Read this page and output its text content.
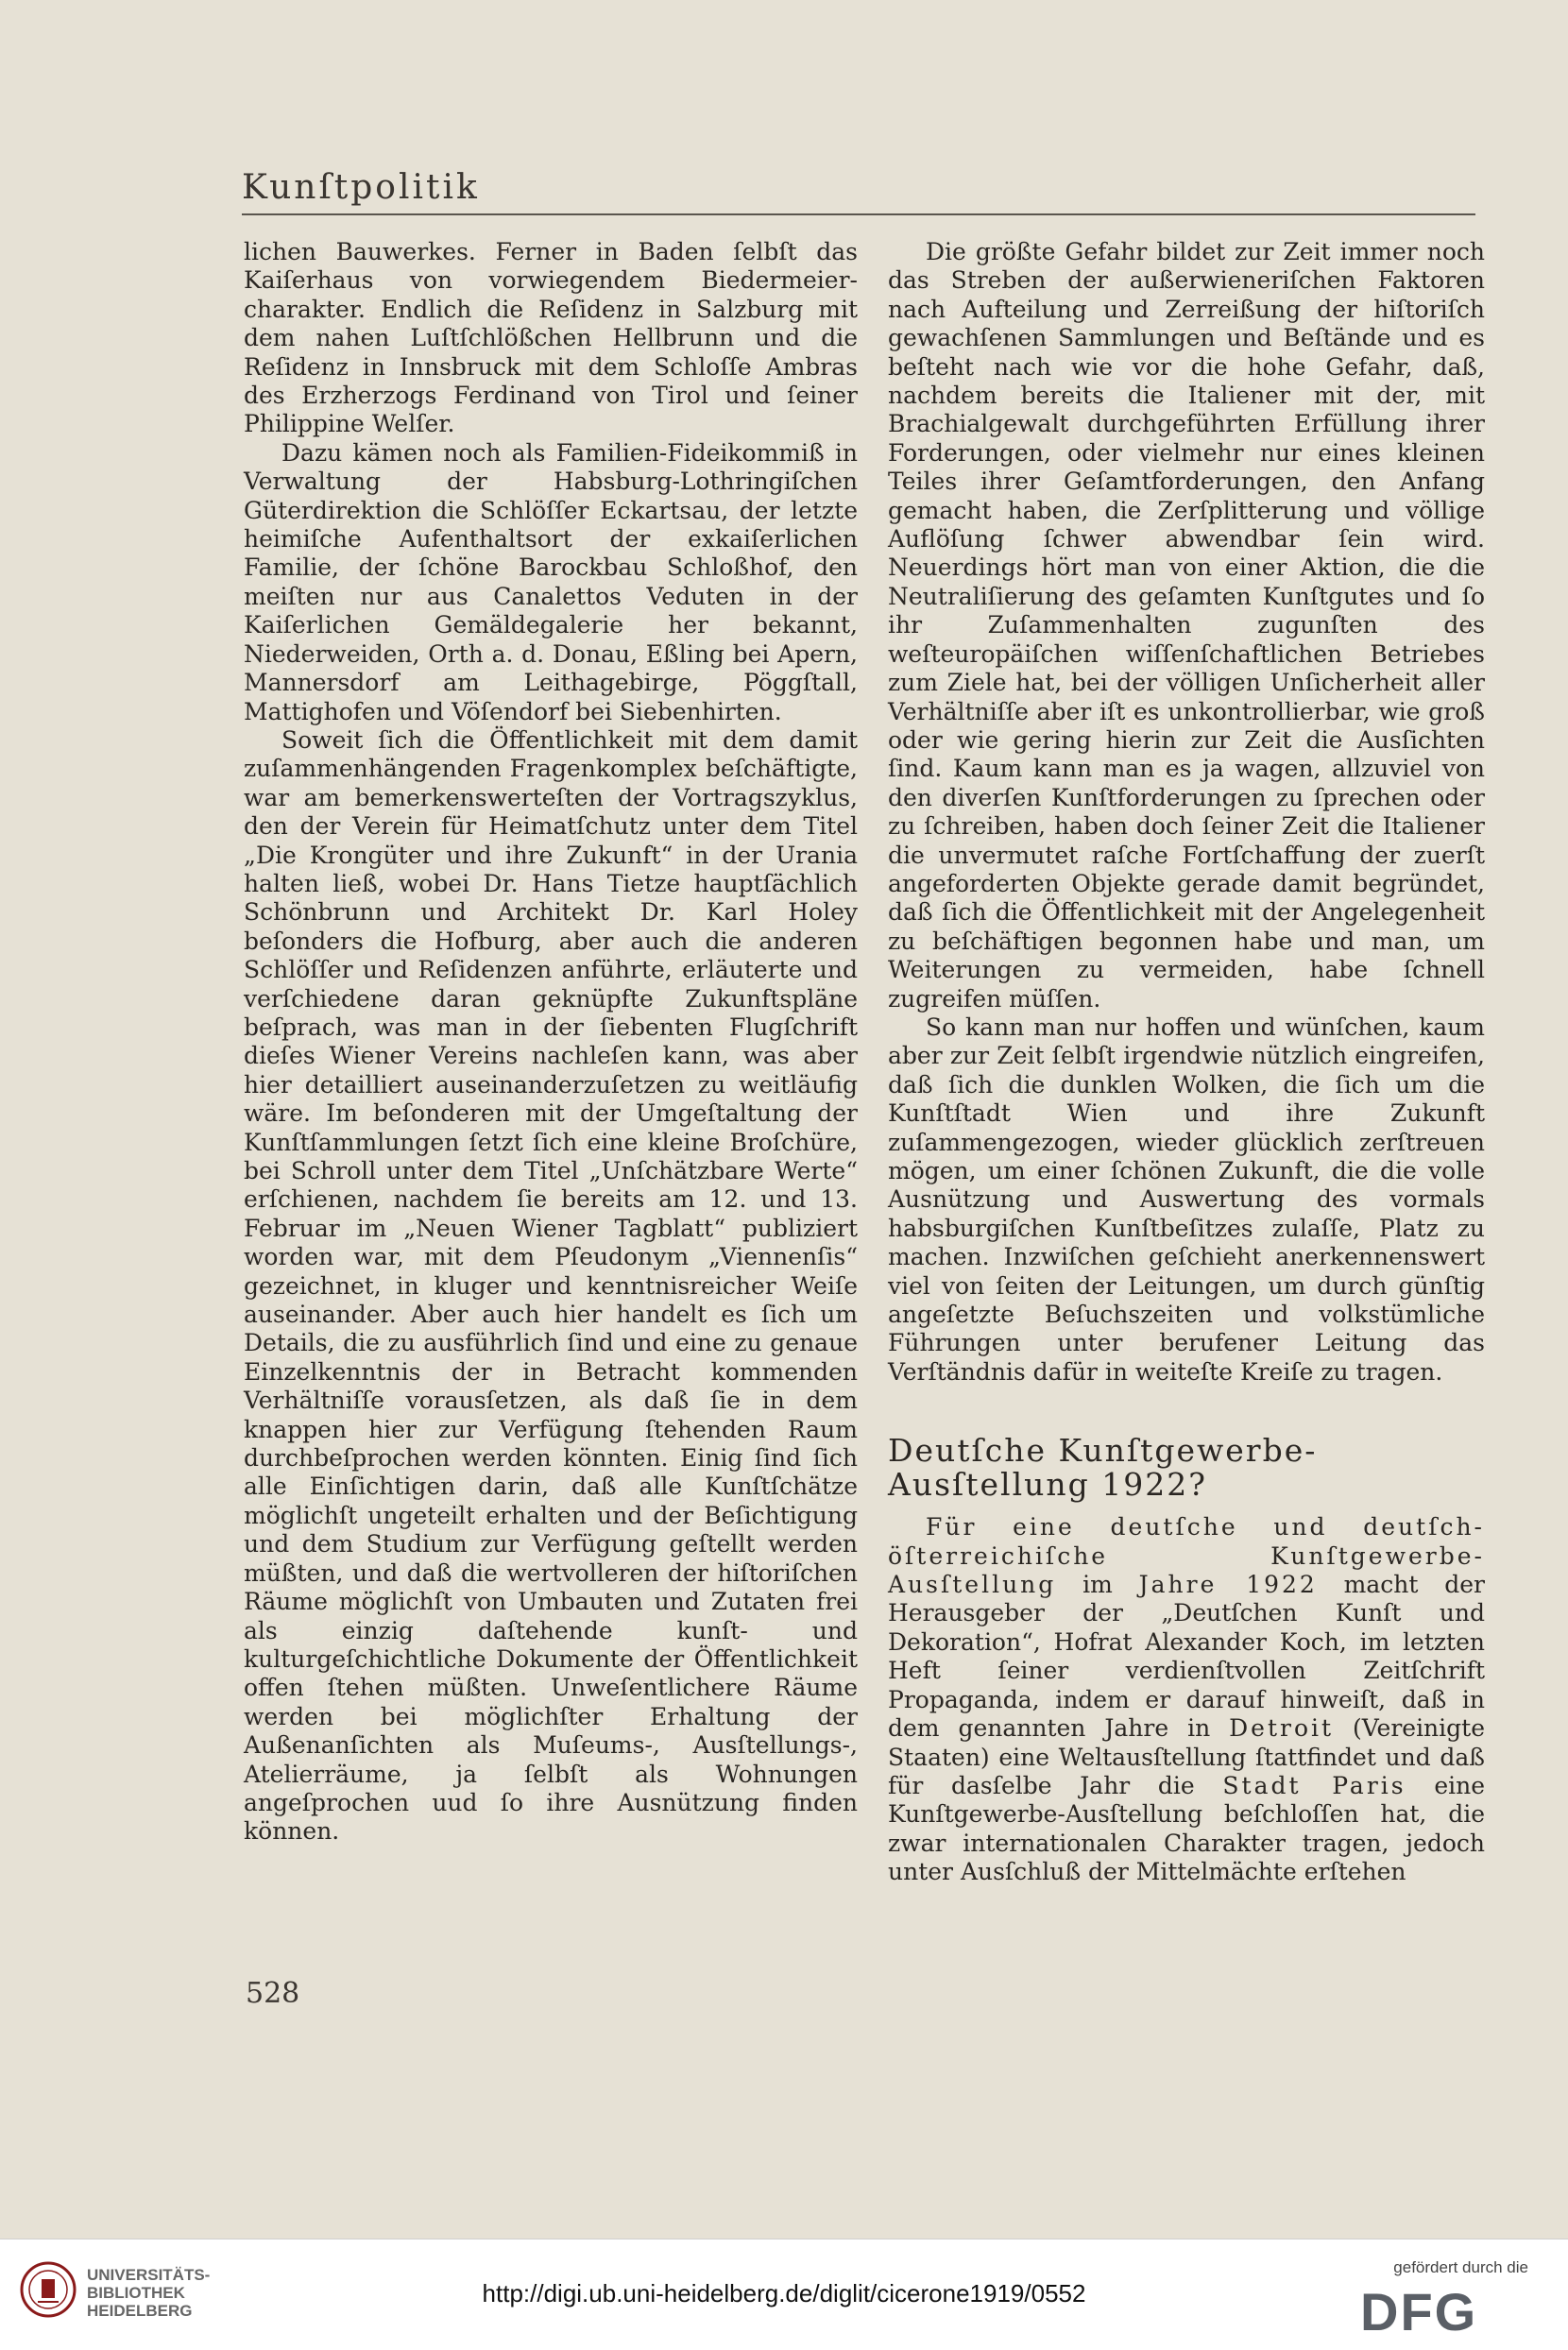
Kunſtpolitik

lichen Bauwerkes. Ferner in Baden ſelbſt das Kaiſerhaus von vorwiegendem Biedermeier-charakter. Endlich die Reſidenz in Salzburg mit dem nahen Luſtſchlößchen Hellbrunn und die Reſidenz in Innsbruck mit dem Schloſſe Ambras des Erzherzogs Ferdinand von Tirol und ſeiner Philippine Welſer.

Dazu kämen noch als Familien-Fideikommiß in Verwaltung der Habsburg-Lothringiſchen Güterdirektion die Schlöſſer Eckartsau, der letzte heimiſche Aufenthaltsort der exkaiſerlichen Familie, der ſchöne Barockbau Schloßhof, den meiſten nur aus Canalettos Veduten in der Kaiſerlichen Gemäldegalerie her bekannt, Niederweiden, Orth a. d. Donau, Eßling bei Apern, Mannersdorf am Leithagebirge, Pöggſtall, Mattighofen und Vöſendorf bei Siebenhirten.

Soweit ſich die Öffentlichkeit mit dem damit zuſammenhängenden Fragenkomplex beſchäftigte, war am bemerkenswerteſten der Vortragszyklus, den der Verein für Heimatſchutz unter dem Titel „Die Krongüter und ihre Zukunft“ in der Urania halten ließ, wobei Dr. Hans Tietze hauptſächlich Schönbrunn und Architekt Dr. Karl Holey beſonders die Hofburg, aber auch die anderen Schlöſſer und Reſidenzen anführte, erläuterte und verſchiedene daran geknüpfte Zukunftspläne beſprach, was man in der ſiebenten Flugſchrift dieſes Wiener Vereins nachleſen kann, was aber hier detailliert auseinanderzuſetzen zu weitläufig wäre. Im beſonderen mit der Umgeſtaltung der Kunſtſammlungen ſetzt ſich eine kleine Broſchüre, bei Schroll unter dem Titel „Unſchätzbare Werte“ erſchienen, nachdem ſie bereits am 12. und 13. Februar im „Neuen Wiener Tagblatt“ publiziert worden war, mit dem Pſeudonym „Viennenſis“ gezeichnet, in kluger und kenntnisreicher Weiſe auseinander. Aber auch hier handelt es ſich um Details, die zu ausführlich ſind und eine zu genaue Einzelkenntnis der in Betracht kommenden Verhältniſſe vorausſetzen, als daß ſie in dem knappen hier zur Verfügung ſtehenden Raum durchbeſprochen werden könnten. Einig ſind ſich alle Einſichtigen darin, daß alle Kunſtſchätze möglichſt ungeteilt erhalten und der Beſichtigung und dem Studium zur Verfügung geſtellt werden müßten, und daß die wertvolleren der hiſtoriſchen Räume möglichſt von Umbauten und Zutaten frei als einzig daſtehende kunſt- und kulturgeſchichtliche Dokumente der Öffentlichkeit offen ſtehen müßten. Unweſentlichere Räume werden bei möglichſter Erhaltung der Außenanſichten als Muſeums-, Ausſtellungs-, Atelierräume, ja ſelbſt als Wohnungen angeſprochen uud ſo ihre Ausnützung finden können.

Die größte Gefahr bildet zur Zeit immer noch das Streben der außerwieneriſchen Faktoren nach Aufteilung und Zerreißung der hiſtoriſch gewachſenen Sammlungen und Beſtände und es beſteht nach wie vor die hohe Gefahr, daß, nachdem bereits die Italiener mit der, mit Brachialgewalt durchgeführten Erfüllung ihrer Forderungen, oder vielmehr nur eines kleinen Teiles ihrer Geſamtforderungen, den Anfang gemacht haben, die Zerſplitterung und völlige Auflöſung ſchwer abwendbar ſein wird. Neuerdings hört man von einer Aktion, die die Neutraliſierung des geſamten Kunſtgutes und ſo ihr Zuſammenhalten zugunſten des weſteuropäiſchen wiſſenſchaftlichen Betriebes zum Ziele hat, bei der völligen Unſicherheit aller Verhältniſſe aber iſt es unkontrollierbar, wie groß oder wie gering hierin zur Zeit die Ausſichten ſind. Kaum kann man es ja wagen, allzuviel von den diverſen Kunſtforderungen zu ſprechen oder zu ſchreiben, haben doch ſeiner Zeit die Italiener die unvermutet raſche Fortſchaffung der zuerſt angeforderten Objekte gerade damit begründet, daß ſich die Öffentlichkeit mit der Angelegenheit zu beſchäftigen begonnen habe und man, um Weiterungen zu vermeiden, habe ſchnell zugreifen müſſen.

So kann man nur hoffen und wünſchen, kaum aber zur Zeit ſelbſt irgendwie nützlich eingreifen, daß ſich die dunklen Wolken, die ſich um die Kunſtſtadt Wien und ihre Zukunft zuſammengezogen, wieder glücklich zerſtreuen mögen, um einer ſchönen Zukunft, die die volle Ausnützung und Auswertung des vormals habsburgiſchen Kunſtbeſitzes zulaſſe, Platz zu machen. Inzwiſchen geſchieht anerkennenswert viel von ſeiten der Leitungen, um durch günſtig angeſetzte Beſuchszeiten und volkstümliche Führungen unter berufener Leitung das Verſtändnis dafür in weiteſte Kreiſe zu tragen.

Deutſche Kunſtgewerbe-Ausſtellung 1922?

Für eine deutſche und deutſch-öſterreichiſche Kunſtgewerbe-Ausſtellung im Jahre 1922 macht der Herausgeber der „Deutſchen Kunſt und Dekoration“, Hofrat Alexander Koch, im letzten Heft ſeiner verdienſtvollen Zeitſchrift Propaganda, indem er darauf hinweiſt, daß in dem genannten Jahre in Detroit (Vereinigte Staaten) eine Weltausſtellung ſtattfindet und daß für dasſelbe Jahr die Stadt Paris eine Kunſtgewerbe-Ausſtellung beſchloſſen hat, die zwar internationalen Charakter tragen, jedoch unter Ausſchluß der Mittelmächte erſtehen

528
UNIVERSITÄTS-
BIBLIOTHEK
HEIDELBERG
http://digi.ub.uni-heidelberg.de/diglit/cicerone1919/0552
gefördert durch die
DFG
